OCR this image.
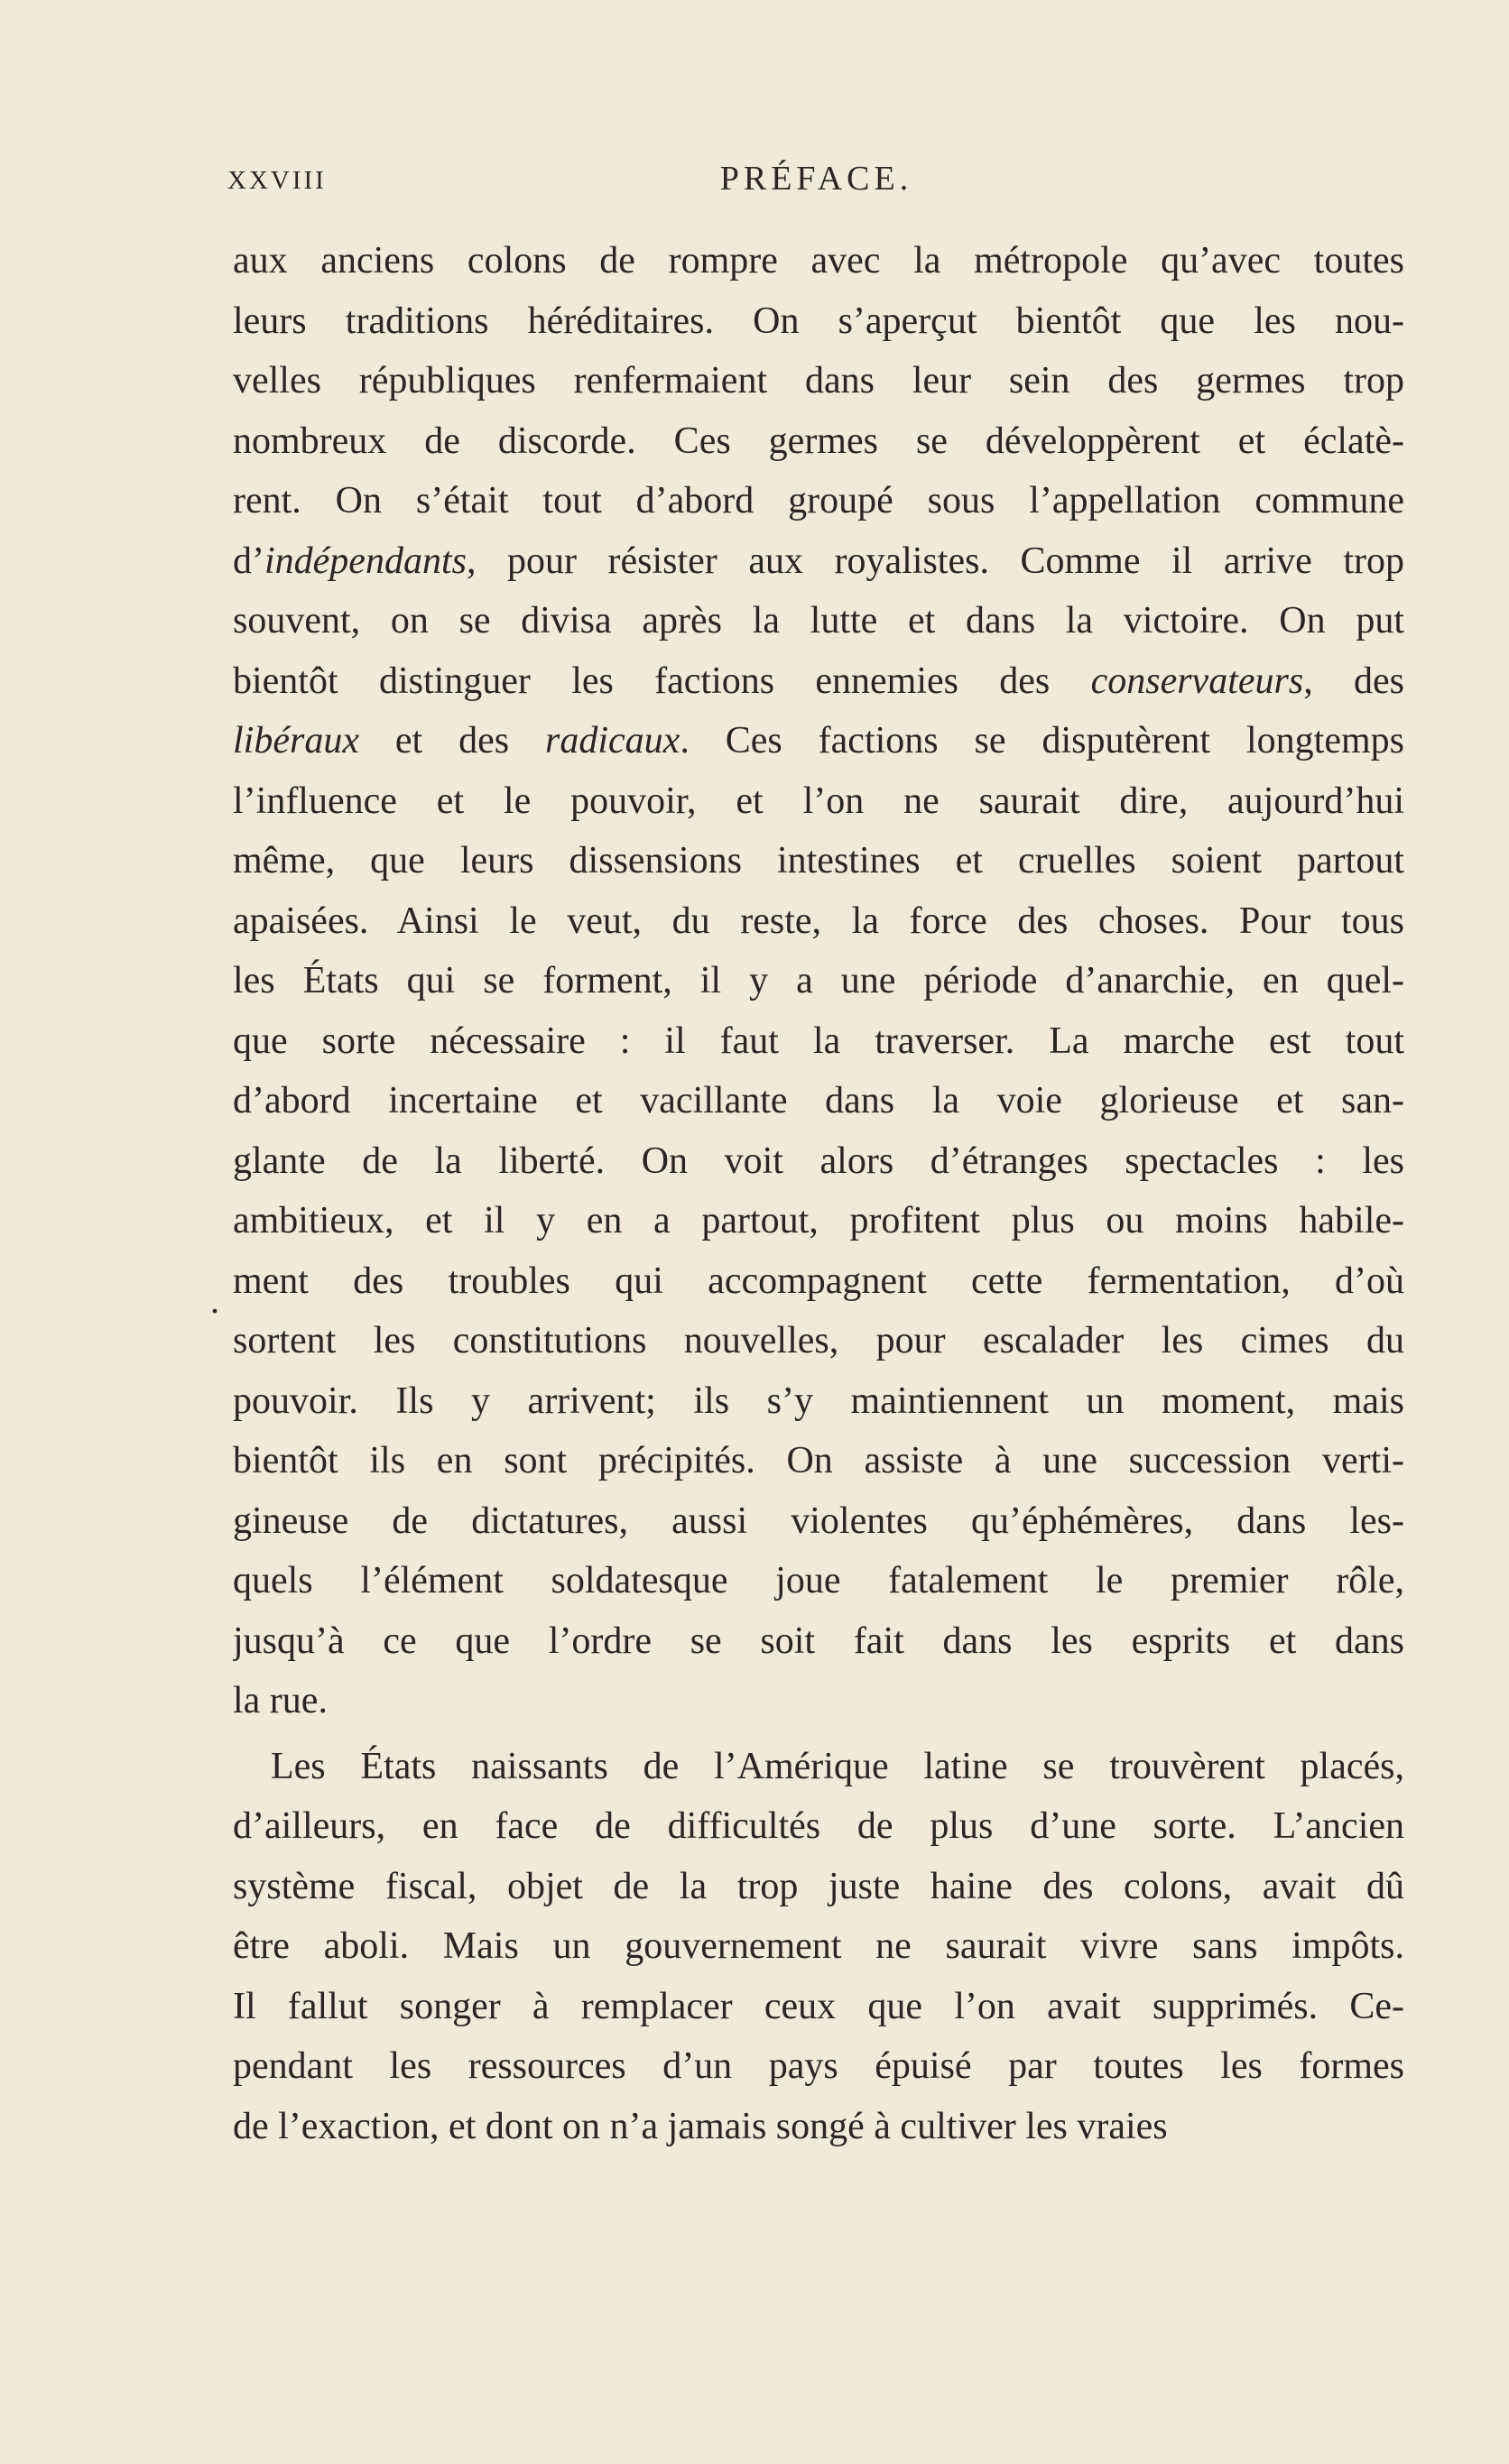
XXVIII	PRÉFACE.
.
aux anciens colons de rompre avec la métropole qu’avec toutes
leurs traditions héréditaires. On s’aperçut bientôt que les nou-
velles républiques renfermaient dans leur sein des germes trop
nombreux de discorde. Ces germes se développèrent et éclatè-
rent. On s’était tout d’abord groupé sous l’appellation commune
d’indépendants, pour résister aux royalistes. Comme il arrive trop
souvent, on se divisa après la lutte et dans la victoire. On put
bientôt distinguer les factions ennemies des conservateurs, des
libéraux et des radicaux. Ces factions se disputèrent longtemps
l’influence et le pouvoir, et l’on ne saurait dire, aujourd’hui
même, que leurs dissensions intestines et cruelles soient partout
apaisées. Ainsi le veut, du reste, la force des choses. Pour tous
les États qui se forment, il y a une période d’anarchie, en quel-
que sorte nécessaire : il faut la traverser. La marche est tout
d’abord incertaine et vacillante dans la voie glorieuse et san-
glante de la liberté. On voit alors d’étranges spectacles : les
ambitieux, et il y en a partout, profitent plus ou moins habile-
ment des troubles qui accompagnent cette fermentation, d’où
sortent les constitutions nouvelles, pour escalader les cimes du
pouvoir. Ils y arrivent; ils s’y maintiennent un moment, mais
bientôt ils en sont précipités. On assiste à une succession verti-
gineuse de dictatures, aussi violentes qu’éphémères, dans les-
quels l’élément soldatesque joue fatalement le premier rôle,
jusqu’à ce que l’ordre se soit fait dans les esprits et dans
la rue.
Les États naissants de l’Amérique latine se trouvèrent placés,
d’ailleurs, en face de difficultés de plus d’une sorte. L’ancien
système fiscal, objet de la trop juste haine des colons, avait dû
être aboli. Mais un gouvernement ne saurait vivre sans impôts.
Il fallut songer à remplacer ceux que l’on avait supprimés. Ce-
pendant les ressources d’un pays épuisé par toutes les formes
de l’exaction, et dont on n’a jamais songé à cultiver les vraies
